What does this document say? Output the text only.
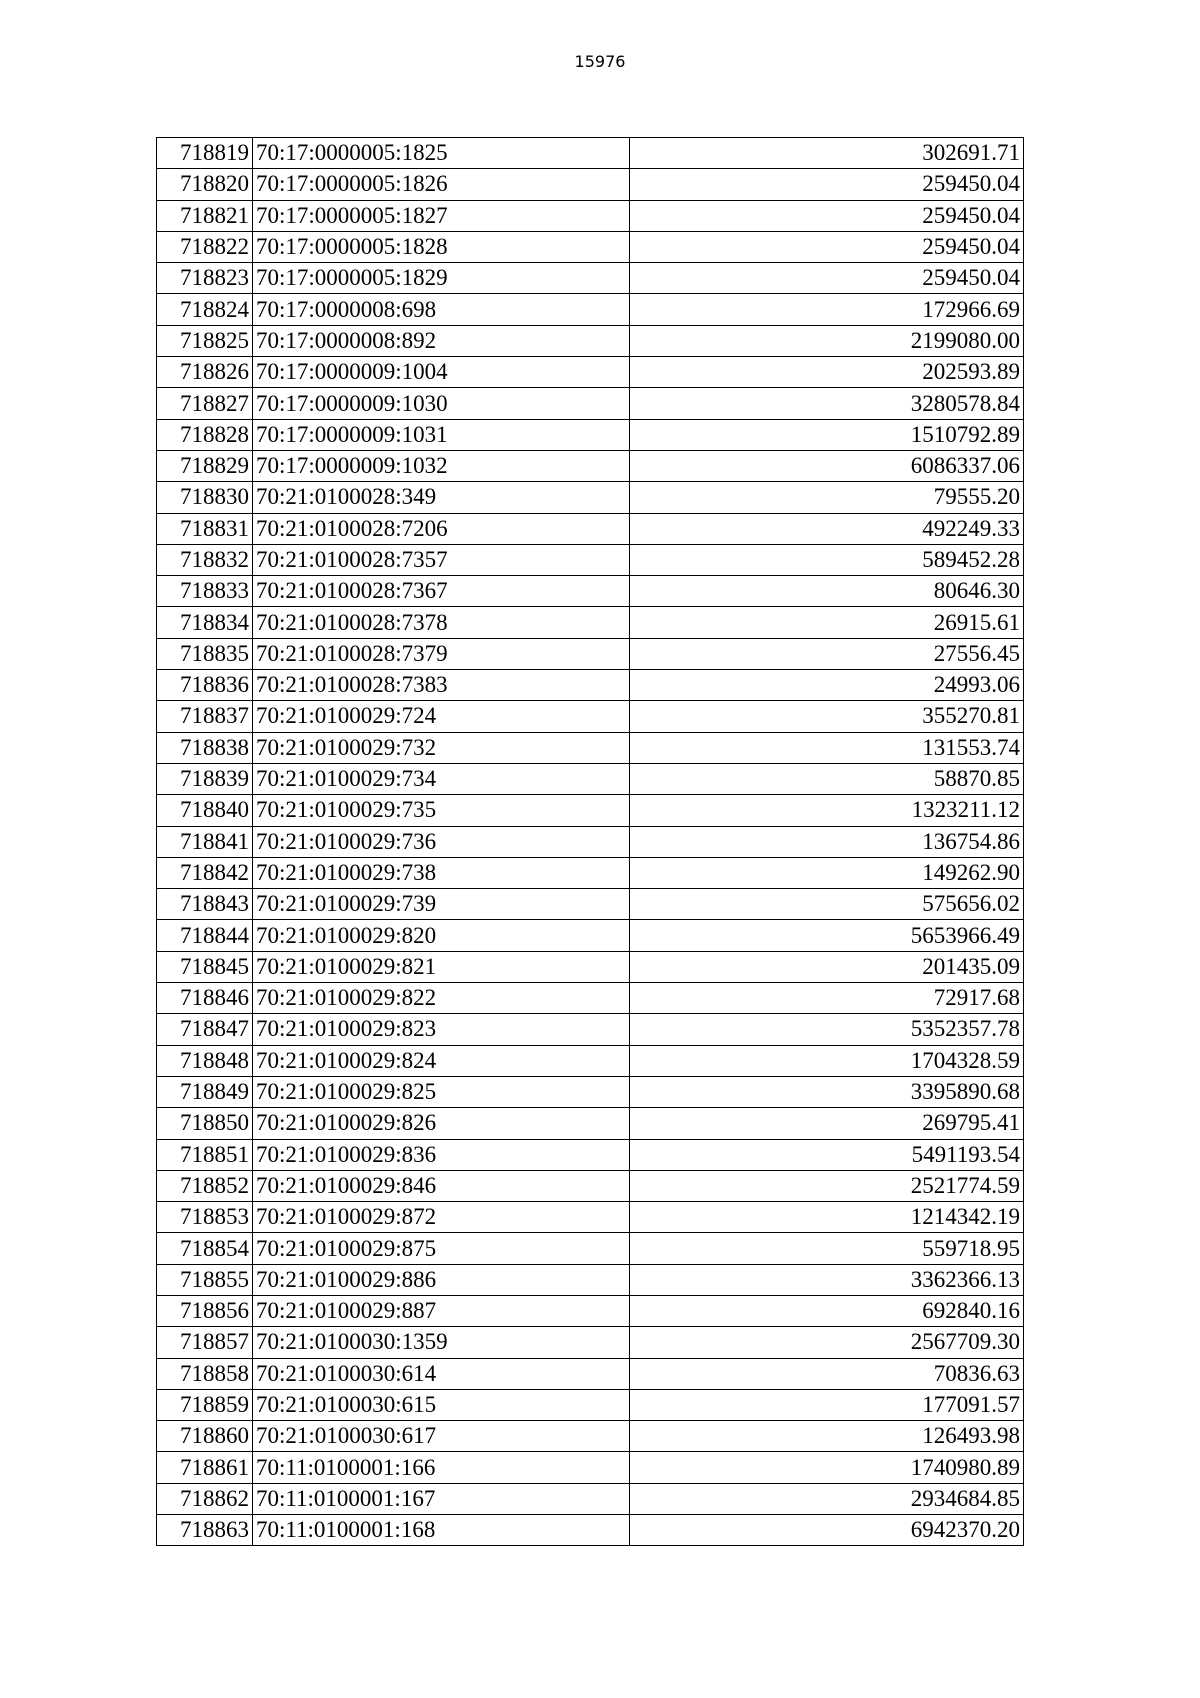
15976
718819	70:17:0000005:1825	302691.71
718820	70:17:0000005:1826	259450.04
718821	70:17:0000005:1827	259450.04
718822	70:17:0000005:1828	259450.04
718823	70:17:0000005:1829	259450.04
718824	70:17:0000008:698	172966.69
718825	70:17:0000008:892	2199080.00
718826	70:17:0000009:1004	202593.89
718827	70:17:0000009:1030	3280578.84
718828	70:17:0000009:1031	1510792.89
718829	70:17:0000009:1032	6086337.06
718830	70:21:0100028:349	79555.20
718831	70:21:0100028:7206	492249.33
718832	70:21:0100028:7357	589452.28
718833	70:21:0100028:7367	80646.30
718834	70:21:0100028:7378	26915.61
718835	70:21:0100028:7379	27556.45
718836	70:21:0100028:7383	24993.06
718837	70:21:0100029:724	355270.81
718838	70:21:0100029:732	131553.74
718839	70:21:0100029:734	58870.85
718840	70:21:0100029:735	1323211.12
718841	70:21:0100029:736	136754.86
718842	70:21:0100029:738	149262.90
718843	70:21:0100029:739	575656.02
718844	70:21:0100029:820	5653966.49
718845	70:21:0100029:821	201435.09
718846	70:21:0100029:822	72917.68
718847	70:21:0100029:823	5352357.78
718848	70:21:0100029:824	1704328.59
718849	70:21:0100029:825	3395890.68
718850	70:21:0100029:826	269795.41
718851	70:21:0100029:836	5491193.54
718852	70:21:0100029:846	2521774.59
718853	70:21:0100029:872	1214342.19
718854	70:21:0100029:875	559718.95
718855	70:21:0100029:886	3362366.13
718856	70:21:0100029:887	692840.16
718857	70:21:0100030:1359	2567709.30
718858	70:21:0100030:614	70836.63
718859	70:21:0100030:615	177091.57
718860	70:21:0100030:617	126493.98
718861	70:11:0100001:166	1740980.89
718862	70:11:0100001:167	2934684.85
718863	70:11:0100001:168	6942370.20
